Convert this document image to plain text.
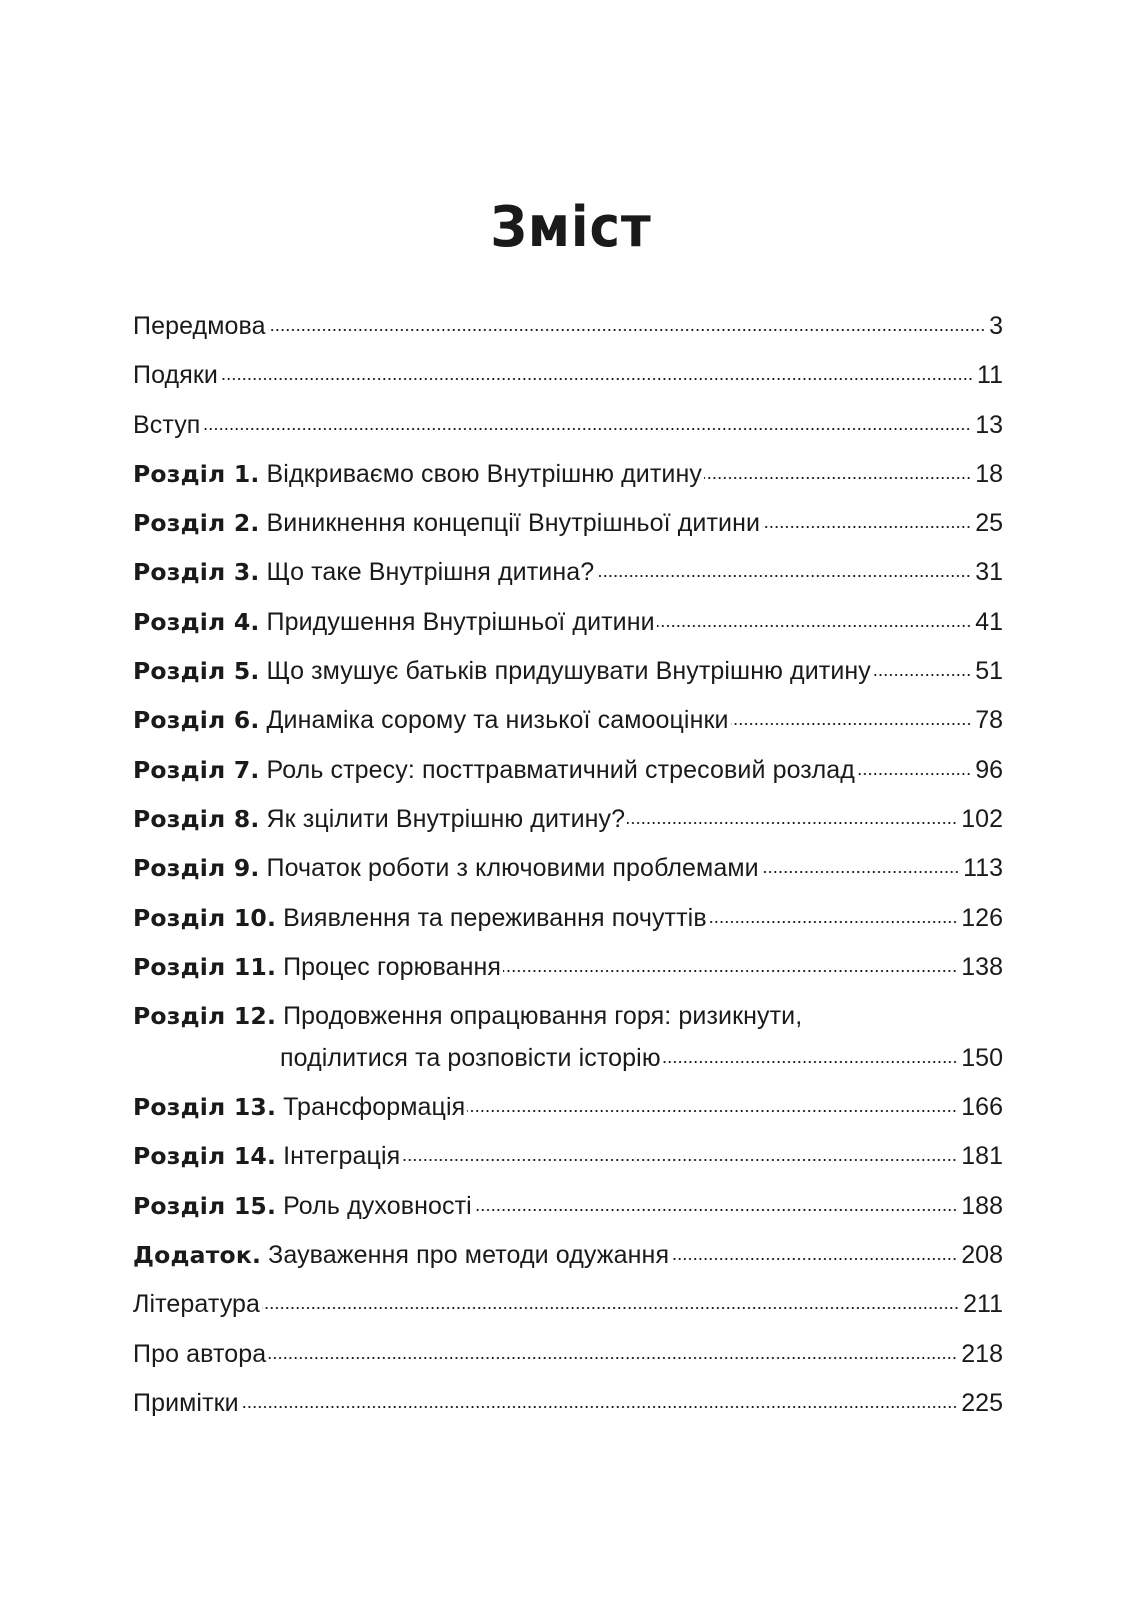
Зміст
Передмова	3
Подяки	11
Вступ	13
Розділ 1. Відкриваємо свою Внутрішню дитину	18
Розділ 2. Виникнення концепції Внутрішньої дитини	25
Розділ 3. Що таке Внутрішня дитина?	31
Розділ 4. Придушення Внутрішньої дитини	41
Розділ 5. Що змушує батьків придушувати Внутрішню дитину	51
Розділ 6. Динаміка сорому та низької самооцінки	78
Розділ 7. Роль стресу: посттравматичний стресовий розлад	96
Розділ 8. Як зцілити Внутрішню дитину?	102
Розділ 9. Початок роботи з ключовими проблемами	113
Розділ 10. Виявлення та переживання почуттів	126
Розділ 11. Процес горювання	138
Розділ 12. Продовження опрацювання горя: ризикнути,
поділитися та розповісти історію	150
Розділ 13. Трансформація	166
Розділ 14. Інтеграція	181
Розділ 15. Роль духовності	188
Додаток. Зауваження про методи одужання	208
Література	211
Про автора	218
Примітки	225
